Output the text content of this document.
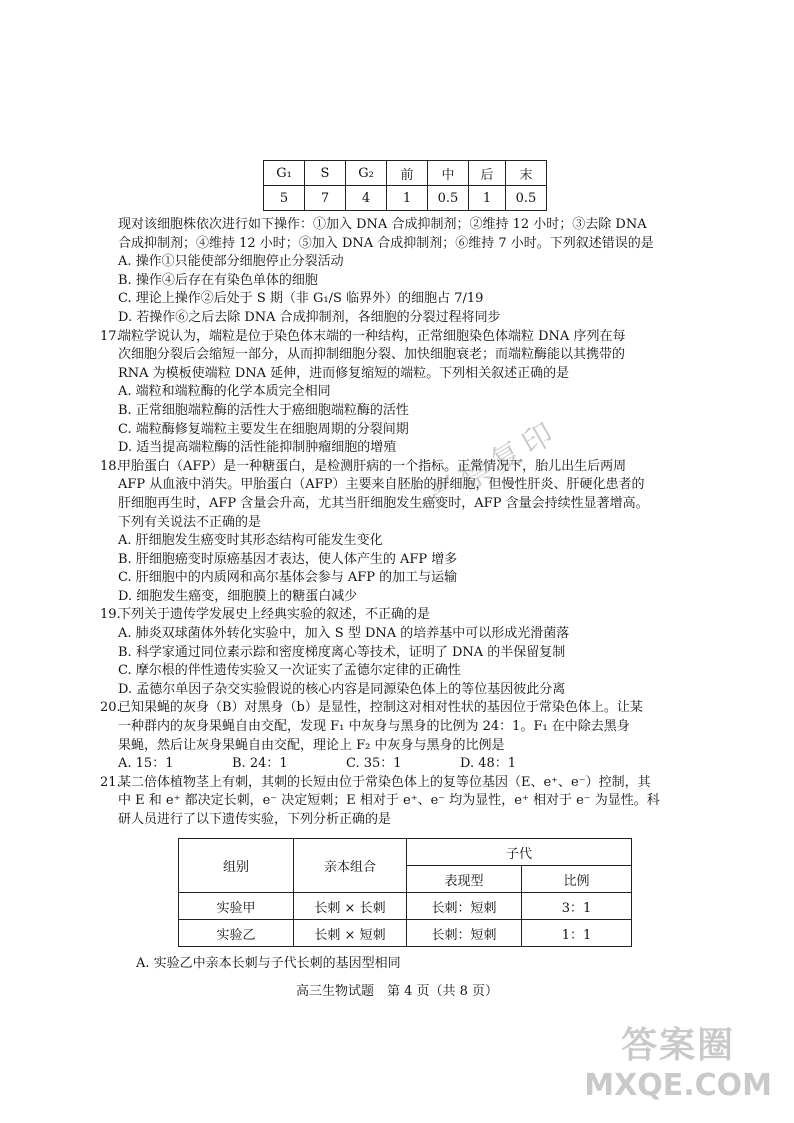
G₁	S	G₂	前	中	后	末
5	7	4	1	0.5	1	0.5
现对该细胞株依次进行如下操作：①加入 DNA 合成抑制剂；②维持 12 小时；③去除 DNA
合成抑制剂；④维持 12 小时；⑤加入 DNA 合成抑制剂；⑥维持 7 小时。下列叙述错误的是
A. 操作①只能使部分细胞停止分裂活动
B. 操作④后存在有染色单体的细胞
C. 理论上操作②后处于 S 期（非 G₁/S 临界外）的细胞占 7/19
D. 若操作⑥之后去除 DNA 合成抑制剂，各细胞的分裂过程将同步
17.
端粒学说认为，端粒是位于染色体末端的一种结构，正常细胞染色体端粒 DNA 序列在每
次细胞分裂后会缩短一部分，从而抑制细胞分裂、加快细胞衰老；而端粒酶能以其携带的
RNA 为模板使端粒 DNA 延伸，进而修复缩短的端粒。下列相关叙述正确的是
A. 端粒和端粒酶的化学本质完全相同
B. 正常细胞端粒酶的活性大于癌细胞端粒酶的活性
C. 端粒酶修复端粒主要发生在细胞周期的分裂间期
D. 适当提高端粒酶的活性能抑制肿瘤细胞的增殖
18.
甲胎蛋白（AFP）是一种糖蛋白，是检测肝病的一个指标。正常情况下，胎儿出生后两周
AFP 从血液中消失。甲胎蛋白（AFP）主要来自胚胎的肝细胞，但慢性肝炎、肝硬化患者的
肝细胞再生时，AFP 含量会升高，尤其当肝细胞发生癌变时，AFP 含量会持续性显著增高。
下列有关说法不正确的是
A. 肝细胞发生癌变时其形态结构可能发生变化
B. 肝细胞癌变时原癌基因才表达，使人体产生的 AFP 增多
C. 肝细胞中的内质网和高尔基体会参与 AFP 的加工与运输
D. 细胞发生癌变，细胞膜上的糖蛋白减少
19.
下列关于遗传学发展史上经典实验的叙述，不正确的是
A. 肺炎双球菌体外转化实验中，加入 S 型 DNA 的培养基中可以形成光滑菌落
B. 科学家通过同位素示踪和密度梯度离心等技术，证明了 DNA 的半保留复制
C. 摩尔根的伴性遗传实验又一次证实了孟德尔定律的正确性
D. 孟德尔单因子杂交实验假说的核心内容是同源染色体上的等位基因彼此分离
20.
已知果蝇的灰身（B）对黑身（b）是显性，控制这对相对性状的基因位于常染色体上。让某
一种群内的灰身果蝇自由交配，发现 F₁ 中灰身与黑身的比例为 24：1。F₁ 在中除去黑身
果蝇，然后让灰身果蝇自由交配，理论上 F₂ 中灰身与黑身的比例是
A. 15：1	B. 24：1	C. 35：1	D. 48：1
21.
某二倍体植物茎上有刺，其刺的长短由位于常染色体上的复等位基因（E、e⁺、e⁻）控制，其
中 E 和 e⁺ 都决定长刺，e⁻ 决定短刺；E 相对于 e⁺、e⁻ 均为显性，e⁺ 相对于 e⁻ 为显性。科
研人员进行了以下遗传实验，下列分析正确的是
组别	亲本组合	子代	
		表现型	比例
实验甲	长刺 × 长刺	长刺：短刺	3：1
实验乙	长刺 × 短刺	长刺：短刺	1：1
A. 实验乙中亲本长刺与子代长刺的基因型相同
高三生物试题　第 4 页（共 8 页）
严禁复印
答案圈
MXQE.COM
